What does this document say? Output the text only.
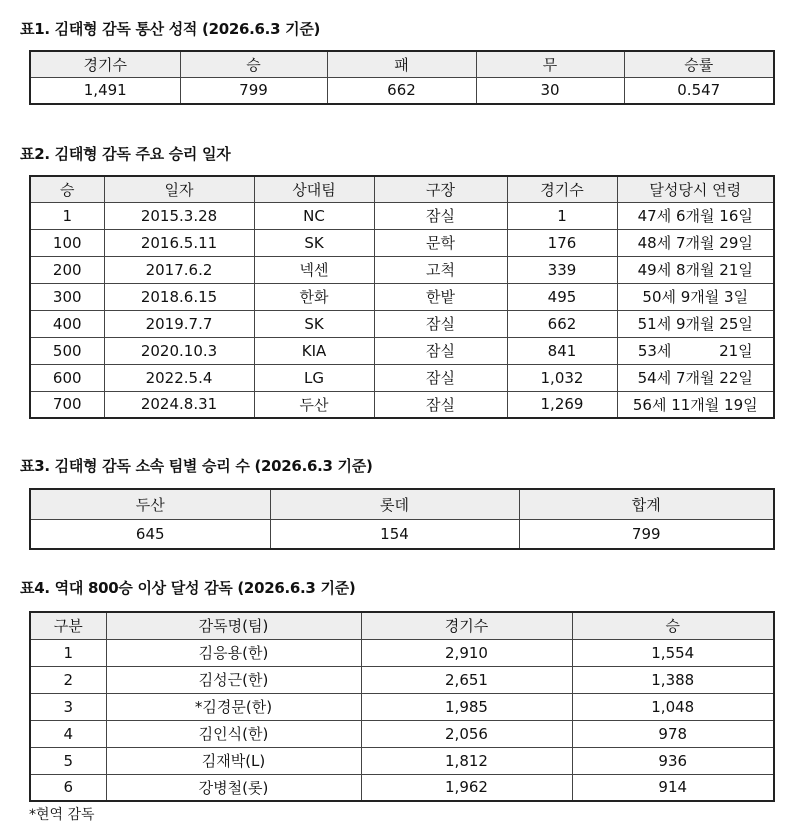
표1. 김태형 감독 통산 성적 (2026.6.3 기준)
경기수	승	패	무	승률
1,491	799	662	30	0.547
표2. 김태형 감독 주요 승리 일자
승	일자	상대팀	구장	경기수	달성당시 연령
1	2015.3.28	NC	잠실	1	47세 6개월 16일
100	2016.5.11	SK	문학	176	48세 7개월 29일
200	2017.6.2	넥센	고척	339	49세 8개월 21일
300	2018.6.15	한화	한밭	495	50세 9개월 3일
400	2019.7.7	SK	잠실	662	51세 9개월 25일
500	2020.10.3	KIA	잠실	841	53세          21일
600	2022.5.4	LG	잠실	1,032	54세 7개월 22일
700	2024.8.31	두산	잠실	1,269	56세 11개월 19일
표3. 김태형 감독 소속 팀별 승리 수 (2026.6.3 기준)
두산	롯데	합계
645	154	799
표4. 역대 800승 이상 달성 감독 (2026.6.3 기준)
구분	감독명(팀)	경기수	승
1	김응용(한)	2,910	1,554
2	김성근(한)	2,651	1,388
3	*김경문(한)	1,985	1,048
4	김인식(한)	2,056	978
5	김재박(L)	1,812	936
6	강병철(롯)	1,962	914
*현역 감독
